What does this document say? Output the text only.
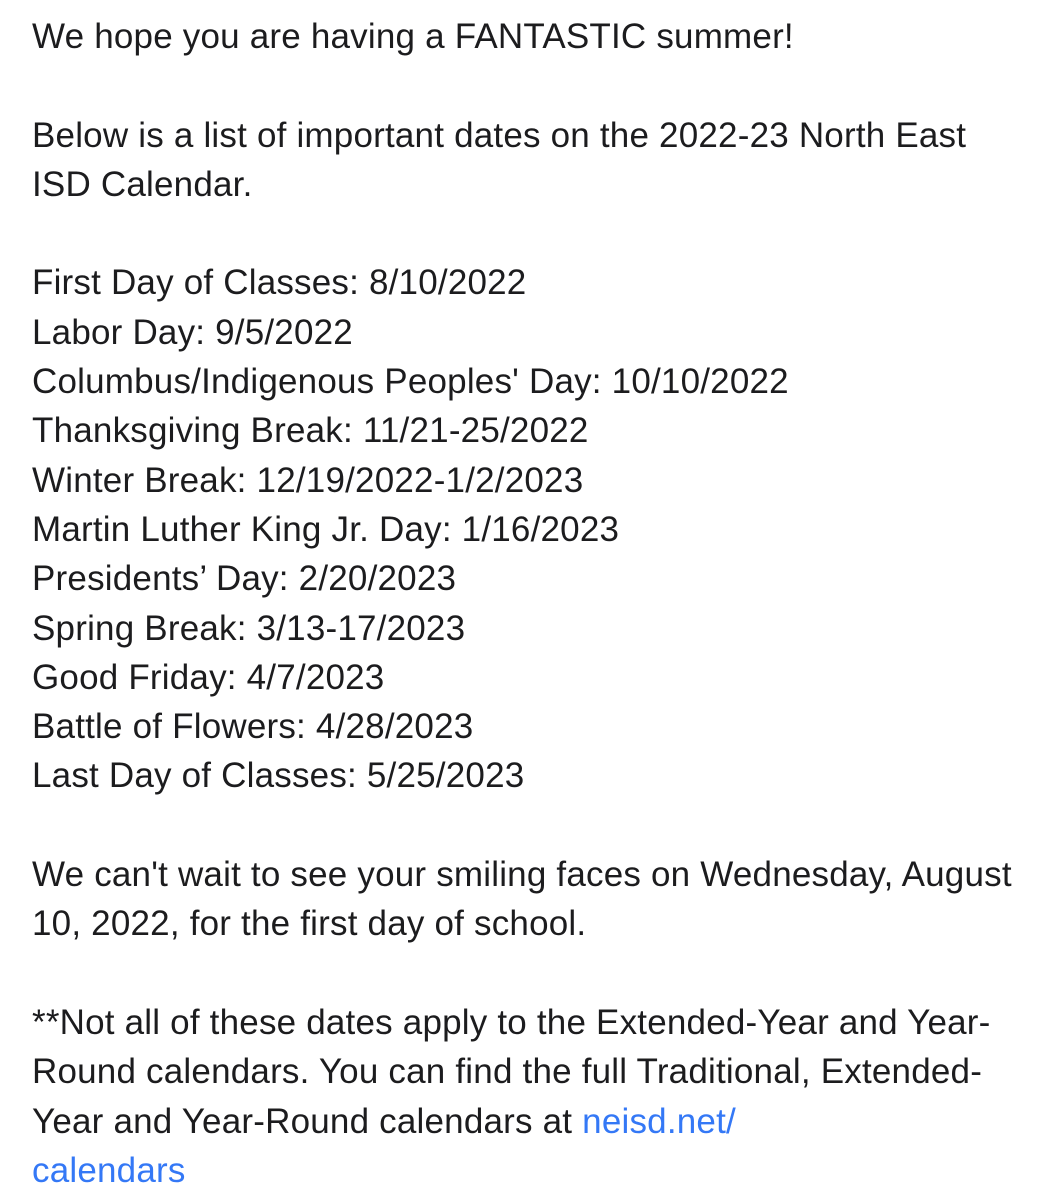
We hope you are having a FANTASTIC summer!

Below is a list of important dates on the 2022-23 North East ISD Calendar.

First Day of Classes: 8/10/2022
Labor Day: 9/5/2022
Columbus/Indigenous Peoples' Day: 10/10/2022
Thanksgiving Break: 11/21-25/2022
Winter Break: 12/19/2022-1/2/2023
Martin Luther King Jr. Day: 1/16/2023
Presidents’ Day: 2/20/2023
Spring Break: 3/13-17/2023
Good Friday: 4/7/2023
Battle of Flowers: 4/28/2023
Last Day of Classes: 5/25/2023

We can't wait to see your smiling faces on Wednesday, August 10, 2022, for the first day of school.

**Not all of these dates apply to the Extended-Year and Year-Round calendars. You can find the full Traditional, Extended-Year and Year-Round calendars at neisd.net/
calendars
